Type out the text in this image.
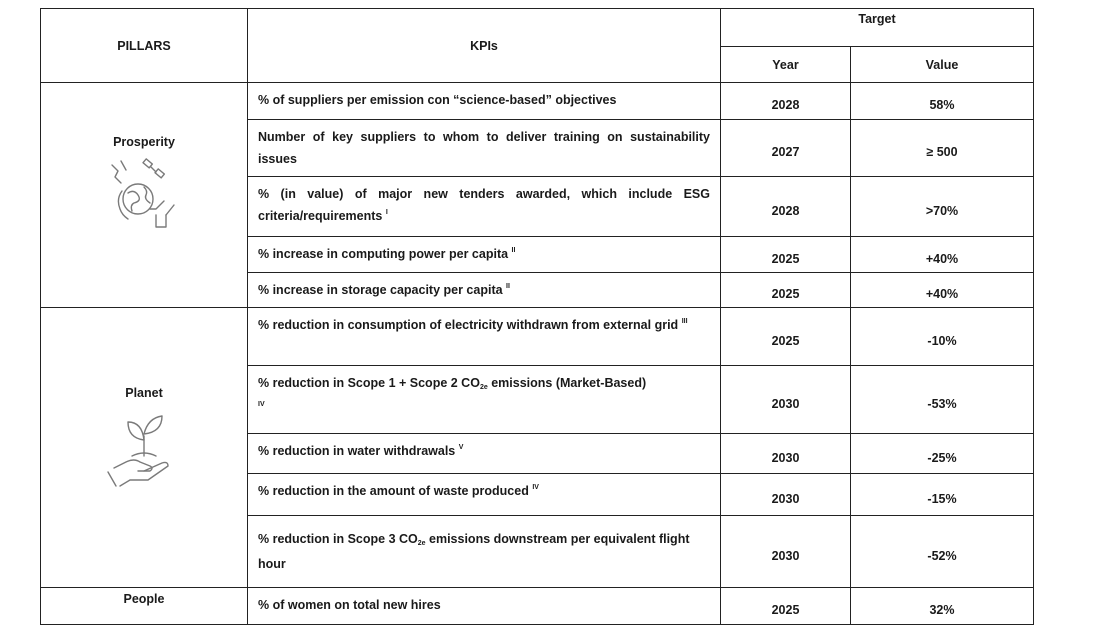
PILLARS	KPIs	Target	
		Year	Value

Prosperity	% of suppliers per emission con “science-based” objectives	2028	58%
	Number of key suppliers to whom to deliver training on sustainability issues	2027	≥ 500
	% (in value) of major new tenders awarded, which include ESG criteria/requirements $^I$	2028	>70%
	% increase in computing power per capita $^{II}$	2025	+40%
	% increase in storage capacity per capita $^{II}$	2025	+40%

Planet	% reduction in consumption of electricity withdrawn from external grid $^{III}$	2025	-10%
	% reduction in Scope 1 + Scope 2 $CO_{2e}$ emissions (Market-Based)
$^{IV}$	2030	-53%
	% reduction in water withdrawals $^V$	2030	-25%
	% reduction in the amount of waste produced $^{IV}$	2030	-15%
	% reduction in Scope 3 $CO_{2e}$ emissions downstream per equivalent flight hour	2030	-52%

People	% of women on total new hires	2025	32%
